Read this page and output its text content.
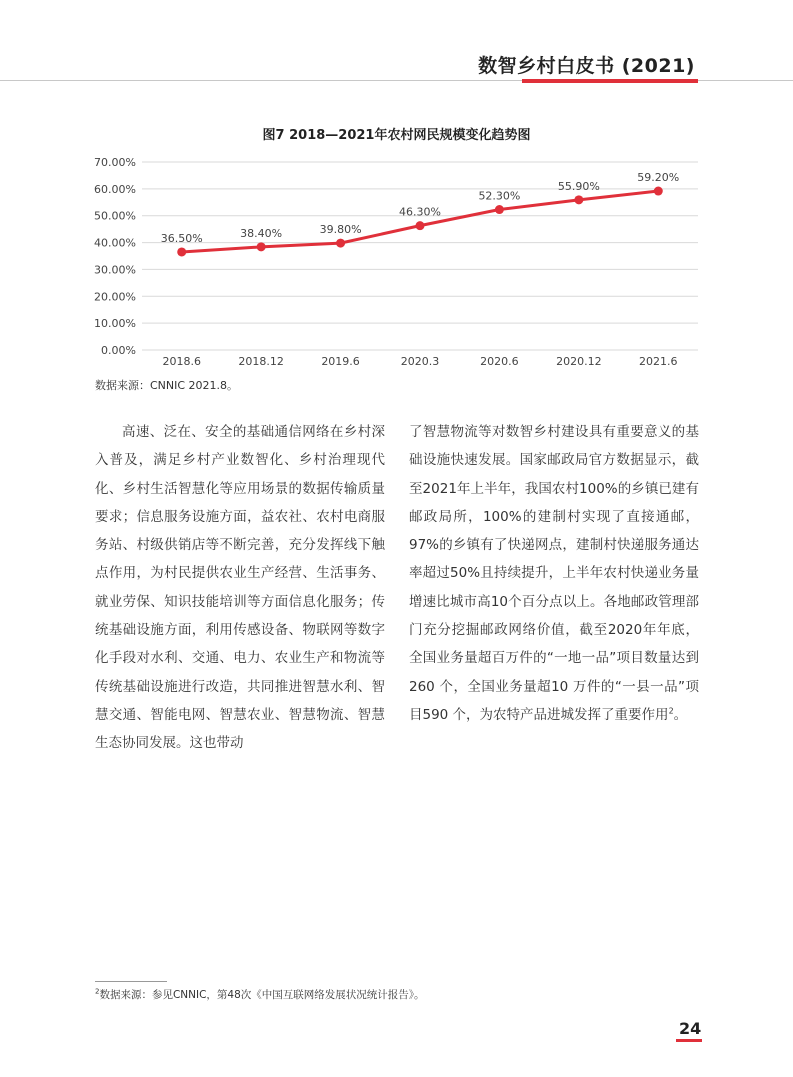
数智乡村白皮书 (2021)
图7 2018—2021年农村网民规模变化趋势图
0.00%
10.00%
20.00%
30.00%
40.00%
50.00%
60.00%
70.00%
2018.6	2018.12	2019.6	2020.3	2020.6	2020.12	2021.6
36.50%	38.40%	39.80%
46.30%
52.30%
55.90%
59.20%
数据来源：CNNIC 2021.8。

高速、泛在、安全的基础通信网络在乡村深入普及，满足乡村产业数智化、乡村治理现代化、乡村生活智慧化等应用场景的数据传输质量要求；信息服务设施方面，益农社、农村电商服务站、村级供销店等不断完善，充分发挥线下触点作用，为村民提供农业生产经营、生活事务、就业劳保、知识技能培训等方面信息化服务；传统基础设施方面，利用传感设备、物联网等数字化手段对水利、交通、电力、农业生产和物流等传统基础设施进行改造，共同推进智慧水利、智慧交通、智能电网、智慧农业、智慧物流、智慧生态协同发展。这也带动

了智慧物流等对数智乡村建设具有重要意义的基础设施快速发展。国家邮政局官方数据显示，截至2021年上半年，我国农村100%的乡镇已建有邮政局所，100%的建制村实现了直接通邮，97%的乡镇有了快递网点，建制村快递服务通达率超过50%且持续提升，上半年农村快递业务量增速比城市高10个百分点以上。各地邮政管理部门充分挖掘邮政网络价值，截至2020年年底，全国业务量超百万件的“一地一品”项目数量达到260 个，全国业务量超10 万件的“一县一品”项目590 个，为农特产品进城发挥了重要作用$^2$。

$^2$数据来源：参见CNNIC，第48次《中国互联网络发展状况统计报告》。
24
